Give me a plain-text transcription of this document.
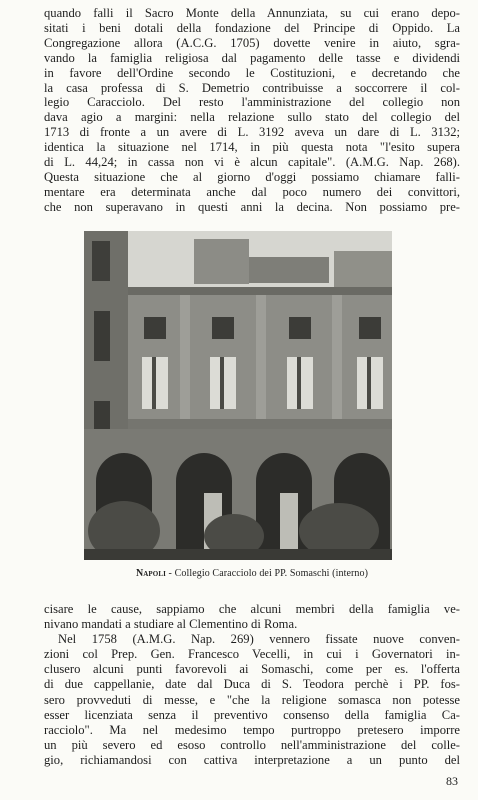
quando falli il Sacro Monte della Annunziata, su cui erano depo-
sitati i beni dotali della fondazione del Principe di Oppido. La
Congregazione allora (A.C.G. 1705) dovette venire in aiuto, sgra-
vando la famiglia religiosa dal pagamento delle tasse e dividendi
in favore dell'Ordine secondo le Costituzioni, e decretando che
la casa professa di S. Demetrio contribuisse a soccorrere il col-
legio Caracciolo. Del resto l'amministrazione del collegio non
dava agio a margini: nella relazione sullo stato del collegio del
1713 di fronte a un avere di L. 3192 aveva un dare di L. 3132;
identica la situazione nel 1714, in più questa nota "l'esito supera
di L. 44,24; in cassa non vi è alcun capitale". (A.M.G. Nap. 268).
Questa situazione che al giorno d'oggi possiamo chiamare falli-
mentare era determinata anche dal poco numero dei convittori,
che non superavano in questi anni la decina. Non possiamo pre-
Napoli - Collegio Caracciolo dei PP. Somaschi (interno)
cisare le cause, sappiamo che alcuni membri della famiglia ve-
nivano mandati a studiare al Clementino di Roma.
Nel 1758 (A.M.G. Nap. 269) vennero fissate nuove conven-
zioni col Prep. Gen. Francesco Vecelli, in cui i Governatori in-
clusero alcuni punti favorevoli ai Somaschi, come per es. l'offerta
di due cappellanie, date dal Duca di S. Teodora perchè i PP. fos-
sero provveduti di messe, e "che la religione somasca non potesse
esser licenziata senza il preventivo consenso della famiglia Ca-
racciolo". Ma nel medesimo tempo purtroppo pretesero imporre
un più severo ed esoso controllo nell'amministrazione del colle-
gio, richiamandosi con cattiva interpretazione a un punto del
83
